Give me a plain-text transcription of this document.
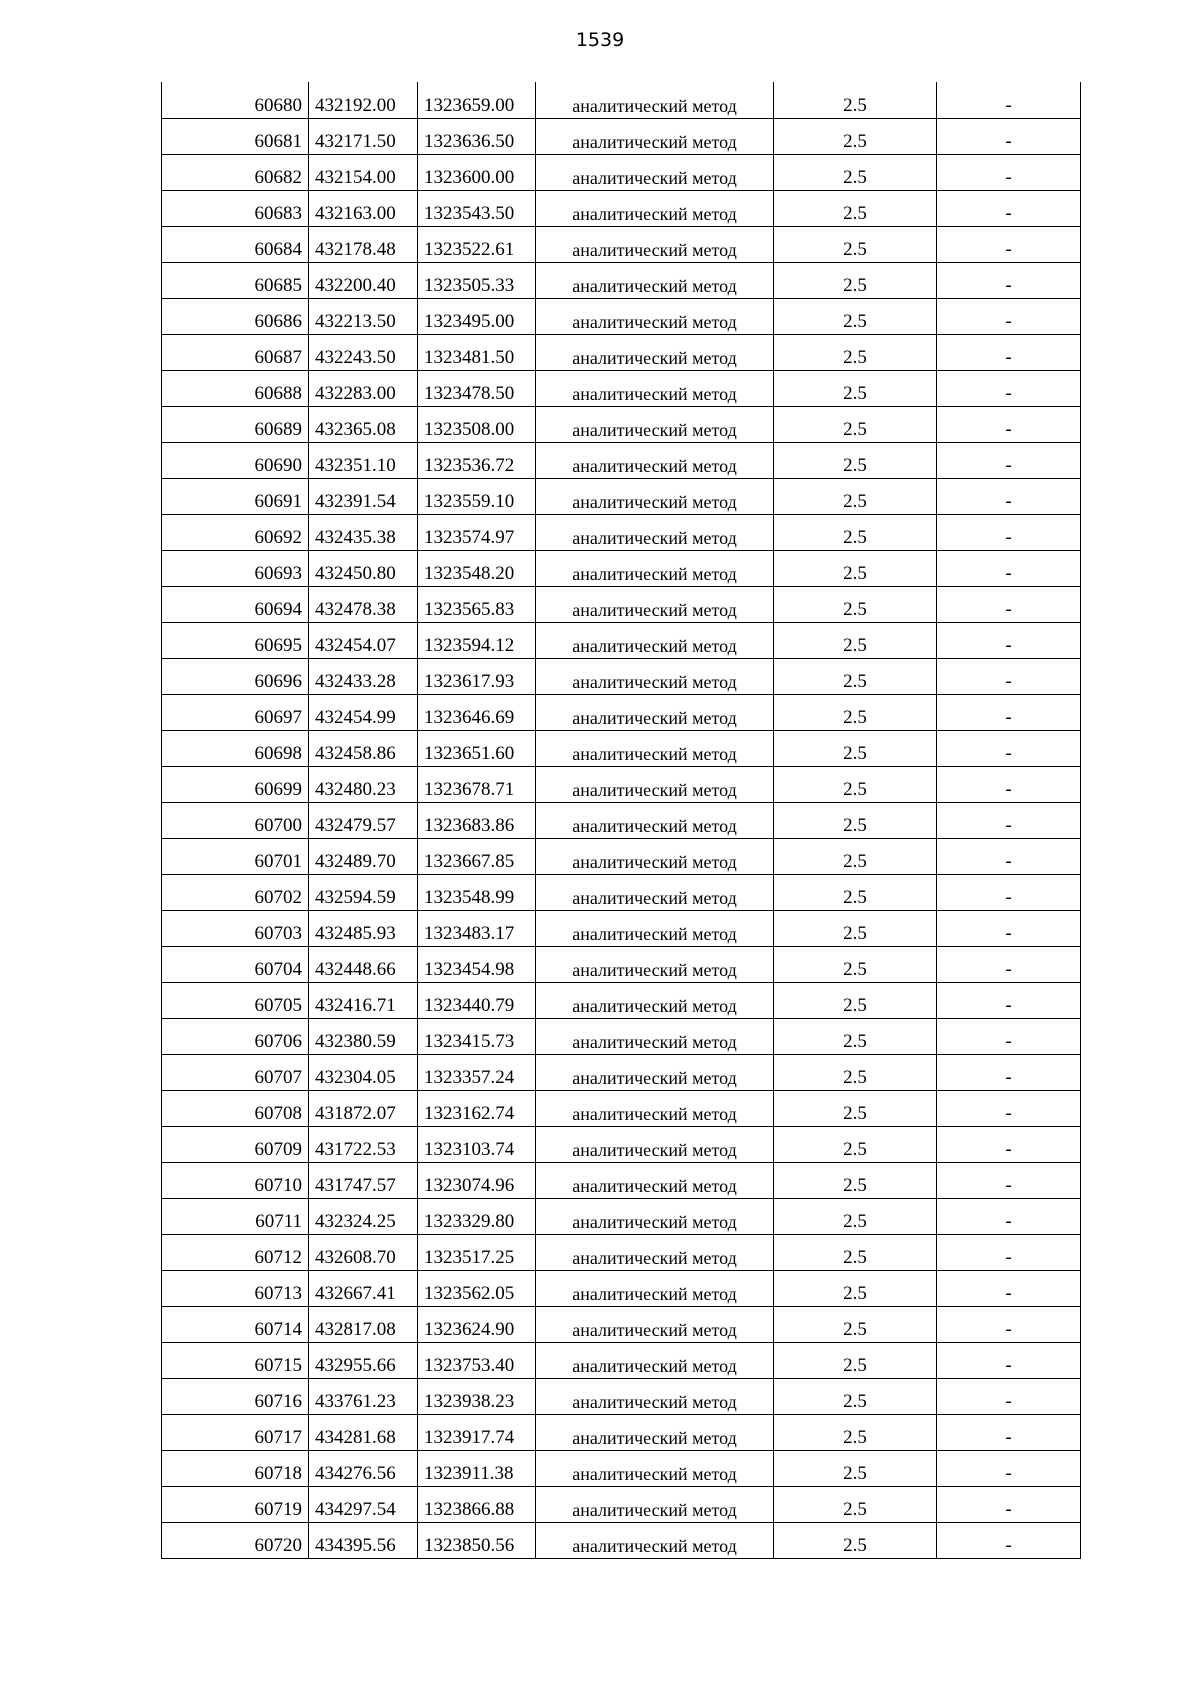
1539
60680	432192.00	1323659.00	аналитический метод	2.5	-
60681	432171.50	1323636.50	аналитический метод	2.5	-
60682	432154.00	1323600.00	аналитический метод	2.5	-
60683	432163.00	1323543.50	аналитический метод	2.5	-
60684	432178.48	1323522.61	аналитический метод	2.5	-
60685	432200.40	1323505.33	аналитический метод	2.5	-
60686	432213.50	1323495.00	аналитический метод	2.5	-
60687	432243.50	1323481.50	аналитический метод	2.5	-
60688	432283.00	1323478.50	аналитический метод	2.5	-
60689	432365.08	1323508.00	аналитический метод	2.5	-
60690	432351.10	1323536.72	аналитический метод	2.5	-
60691	432391.54	1323559.10	аналитический метод	2.5	-
60692	432435.38	1323574.97	аналитический метод	2.5	-
60693	432450.80	1323548.20	аналитический метод	2.5	-
60694	432478.38	1323565.83	аналитический метод	2.5	-
60695	432454.07	1323594.12	аналитический метод	2.5	-
60696	432433.28	1323617.93	аналитический метод	2.5	-
60697	432454.99	1323646.69	аналитический метод	2.5	-
60698	432458.86	1323651.60	аналитический метод	2.5	-
60699	432480.23	1323678.71	аналитический метод	2.5	-
60700	432479.57	1323683.86	аналитический метод	2.5	-
60701	432489.70	1323667.85	аналитический метод	2.5	-
60702	432594.59	1323548.99	аналитический метод	2.5	-
60703	432485.93	1323483.17	аналитический метод	2.5	-
60704	432448.66	1323454.98	аналитический метод	2.5	-
60705	432416.71	1323440.79	аналитический метод	2.5	-
60706	432380.59	1323415.73	аналитический метод	2.5	-
60707	432304.05	1323357.24	аналитический метод	2.5	-
60708	431872.07	1323162.74	аналитический метод	2.5	-
60709	431722.53	1323103.74	аналитический метод	2.5	-
60710	431747.57	1323074.96	аналитический метод	2.5	-
60711	432324.25	1323329.80	аналитический метод	2.5	-
60712	432608.70	1323517.25	аналитический метод	2.5	-
60713	432667.41	1323562.05	аналитический метод	2.5	-
60714	432817.08	1323624.90	аналитический метод	2.5	-
60715	432955.66	1323753.40	аналитический метод	2.5	-
60716	433761.23	1323938.23	аналитический метод	2.5	-
60717	434281.68	1323917.74	аналитический метод	2.5	-
60718	434276.56	1323911.38	аналитический метод	2.5	-
60719	434297.54	1323866.88	аналитический метод	2.5	-
60720	434395.56	1323850.56	аналитический метод	2.5	-
